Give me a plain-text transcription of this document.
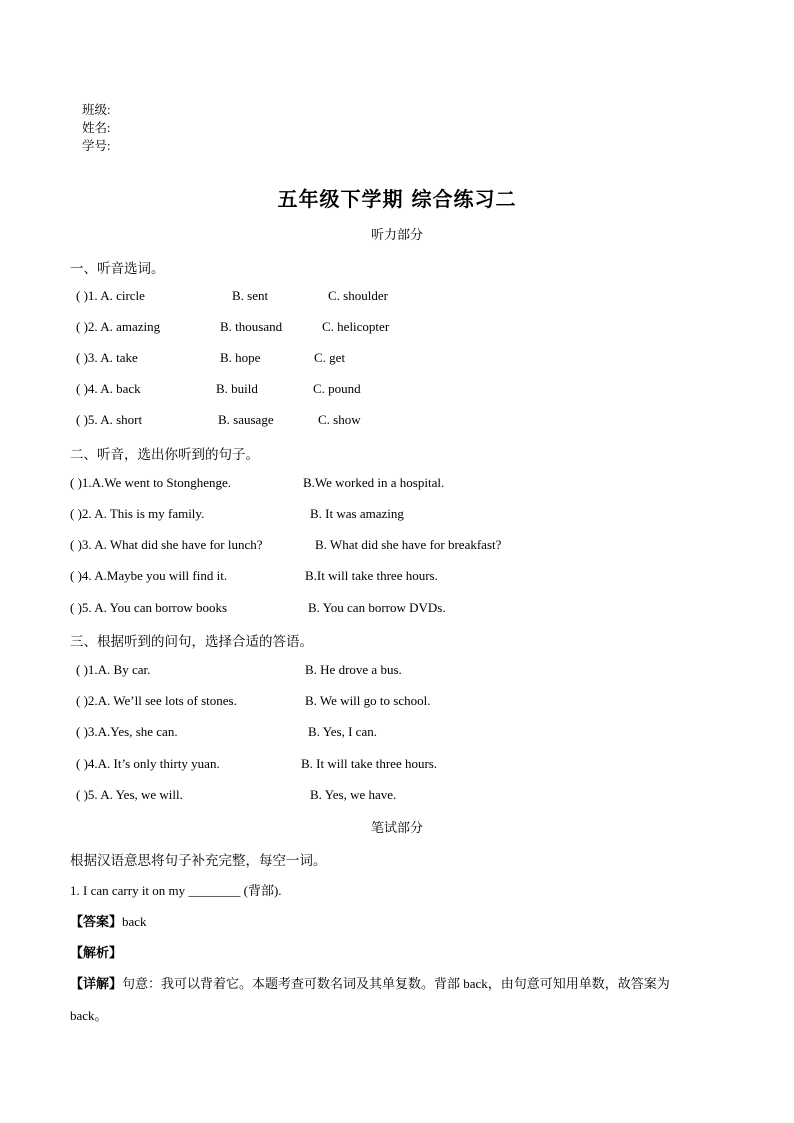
班级:
姓名:
学号:
五年级下学期 综合练习二
听力部分
一、听音选词。
( )1. A. circle	B. sent	C. shoulder
( )2. A. amazing	B. thousand	C. helicopter
( )3. A. take	B. hope	C. get
( )4. A. back	B. build	C. pound
( )5. A. short	B. sausage	C. show
二、听音，选出你听到的句子。
( )1.A.We went to Stonghenge.	B.We worked in a hospital.
( )2. A. This is my family.	B. It was amazing
( )3. A. What did she have for lunch?	B. What did she have for breakfast?
( )4. A.Maybe you will find it.	B.It will take three hours.
( )5. A. You can borrow books	B. You can borrow DVDs.
三、根据听到的问句，选择合适的答语。
( )1.A. By car.	B. He drove a bus.
( )2.A. We’ll see lots of stones.	B. We will go to school.
( )3.A.Yes, she can.	B. Yes, I can.
( )4.A. It’s only thirty yuan.	B. It will take three hours.
( )5. A. Yes, we will.	B. Yes, we have.
笔试部分
根据汉语意思将句子补充完整，每空一词。
1. I can carry it on my ________ (背部).
【答案】back
【解析】
【详解】句意：我可以背着它。本题考查可数名词及其单复数。背部 back，由句意可知用单数，故答案为
back。
